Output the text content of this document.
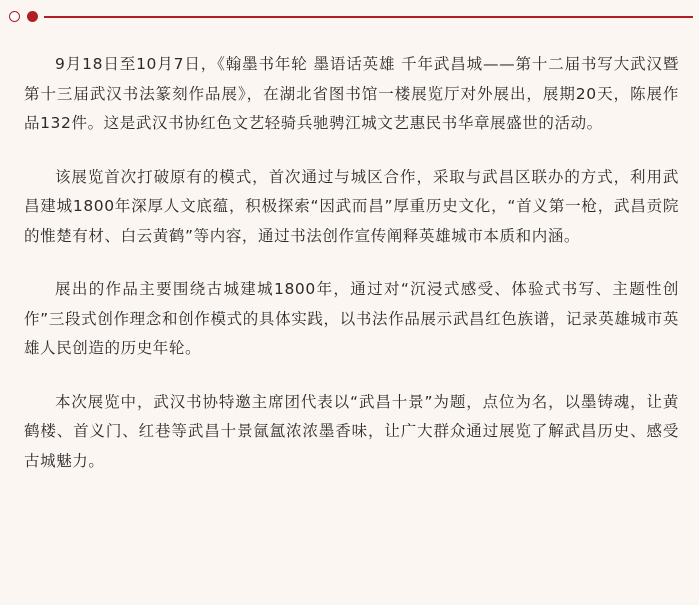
9月18日至10月7日，《翰墨书年轮 墨语话英雄 千年武昌城——第十二届书写大武汉暨第十三届武汉书法篆刻作品展》，在湖北省图书馆一楼展览厅对外展出，展期20天，陈展作品132件。这是武汉书协红色文艺轻骑兵驰骋江城文艺惠民书华章展盛世的活动。

该展览首次打破原有的模式，首次通过与城区合作，采取与武昌区联办的方式，利用武昌建城1800年深厚人文底蕴，积极探索“因武而昌”厚重历史文化，“首义第一枪，武昌贡院的惟楚有材、白云黄鹤”等内容，通过书法创作宣传阐释英雄城市本质和内涵。

展出的作品主要围绕古城建城1800年，通过对“沉浸式感受、体验式书写、主题性创作”三段式创作理念和创作模式的具体实践，以书法作品展示武昌红色族谱，记录英雄城市英雄人民创造的历史年轮。

本次展览中，武汉书协特邀主席团代表以“武昌十景”为题，点位为名，以墨铸魂，让黄鹤楼、首义门、红巷等武昌十景氤氲浓浓墨香味，让广大群众通过展览了解武昌历史、感受古城魅力。
